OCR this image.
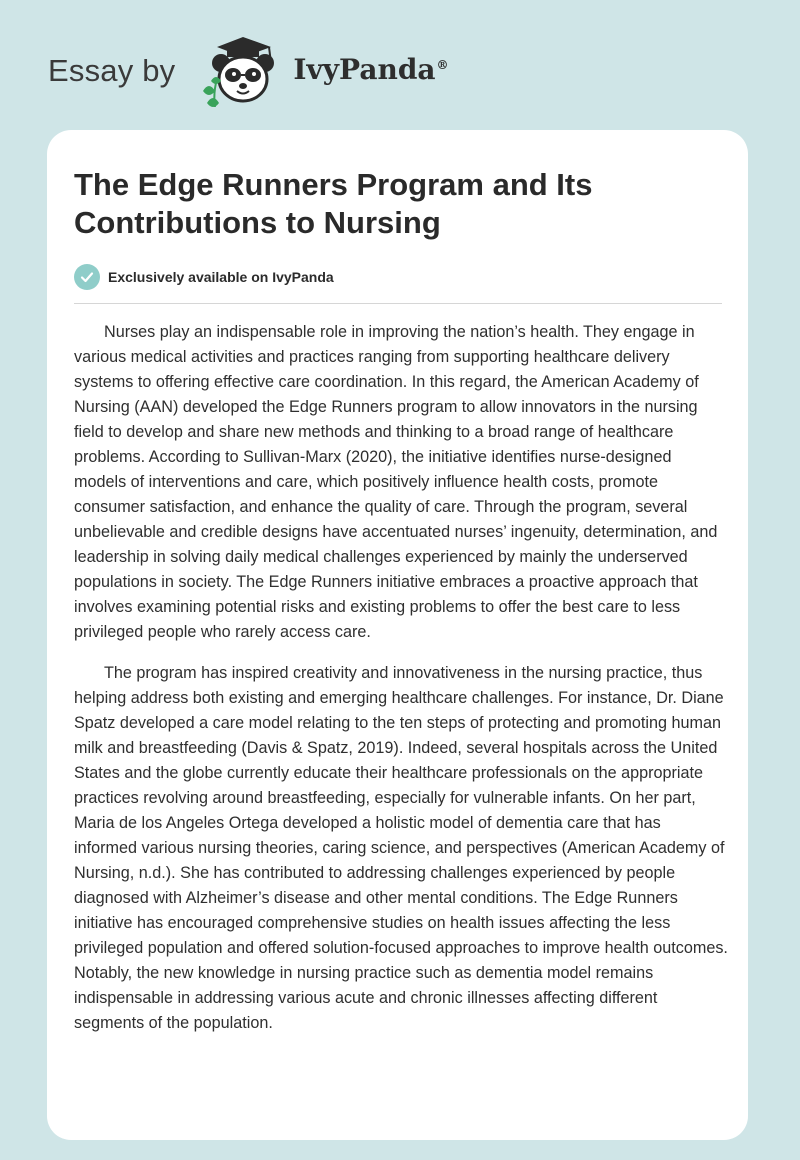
Essay by	IvyPanda®
The Edge Runners Program and Its Contributions to Nursing
Exclusively available on IvyPanda

Nurses play an indispensable role in improving the nation’s health. They engage in various medical activities and practices ranging from supporting healthcare delivery systems to offering effective care coordination. In this regard, the American Academy of Nursing (AAN) developed the Edge Runners program to allow innovators in the nursing field to develop and share new methods and thinking to a broad range of healthcare problems. According to Sullivan-Marx (2020), the initiative identifies nurse-designed models of interventions and care, which positively influence health costs, promote consumer satisfaction, and enhance the quality of care. Through the program, several unbelievable and credible designs have accentuated nurses’ ingenuity, determination, and leadership in solving daily medical challenges experienced by mainly the underserved populations in society. The Edge Runners initiative embraces a proactive approach that involves examining potential risks and existing problems to offer the best care to less privileged people who rarely access care.

The program has inspired creativity and innovativeness in the nursing practice, thus helping address both existing and emerging healthcare challenges. For instance, Dr. Diane Spatz developed a care model relating to the ten steps of protecting and promoting human milk and breastfeeding (Davis & Spatz, 2019). Indeed, several hospitals across the United States and the globe currently educate their healthcare professionals on the appropriate practices revolving around breastfeeding, especially for vulnerable infants. On her part, Maria de los Angeles Ortega developed a holistic model of dementia care that has informed various nursing theories, caring science, and perspectives (American Academy of Nursing, n.d.). She has contributed to addressing challenges experienced by people diagnosed with Alzheimer’s disease and other mental conditions. The Edge Runners initiative has encouraged comprehensive studies on health issues affecting the less privileged population and offered solution-focused approaches to improve health outcomes. Notably, the new knowledge in nursing practice such as dementia model remains indispensable in addressing various acute and chronic illnesses affecting different segments of the population.
